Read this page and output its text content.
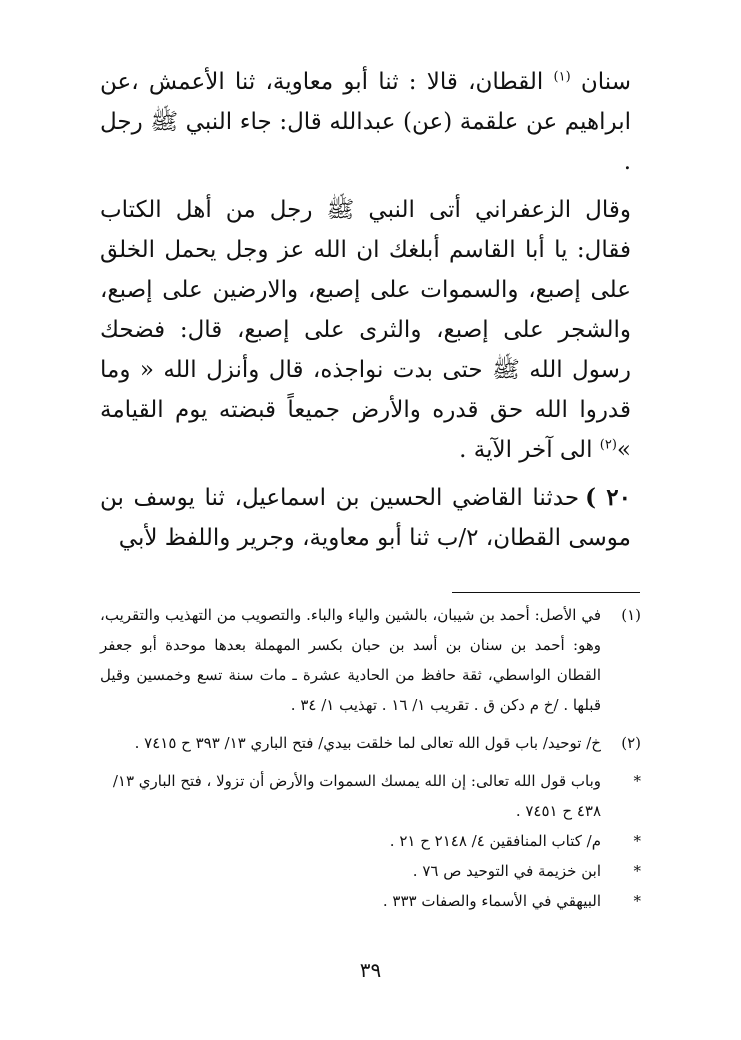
سنان $^{(١)}$ القطان، قالا : ثنا أبو معاوية، ثنا الأعمش ،عن ابراهيم عن علقمة (عن) عبدالله قال: جاء النبي ﷺ رجل .

وقال الزعفراني أتى النبي ﷺ رجل من أهل الكتاب فقال: يا أبا القاسم أبلغك ان الله عز وجل يحمل الخلق على إصبع، والسموات على إصبع، والارضين على إصبع، والشجر على إصبع، والثرى على إصبع، قال: فضحك رسول الله ﷺ حتى بدت نواجذه، قال وأنزل الله « وما قدروا الله حق قدره والأرض جميعاً قبضته يوم القيامة »$^{(٢)}$ الى آخر الآية .

٢٠ )حدثنا القاضي الحسين بن اسماعيل، ثنا يوسف بن موسى القطان، ٢/ب ثنا أبو معاوية، وجرير واللفظ لأبي

(١)
في الأصل: أحمد بن شيبان، بالشين والياء والباء. والتصويب من التهذيب والتقريب، وهو: أحمد بن سنان بن أسد بن حبان بكسر المهملة بعدها موحدة أبو جعفر القطان الواسطي، ثقة حافظ من الحادية عشرة ـ مات سنة تسع وخمسين وقيل قبلها . /خ م دكن ق . تقريب ١/ ١٦ . تهذيب ١/ ٣٤ .
(٢)
خ/ توحيد/ باب قول الله تعالى لما خلقت بيدي/ فتح الباري ١٣/ ٣٩٣ ح ٧٤١٥ .
*
وباب قول الله تعالى: إن الله يمسك السموات والأرض أن تزولا ، فتح الباري ١٣/ ٤٣٨ ح ٧٤٥١ .
*
م/ كتاب المنافقين ٤/ ٢١٤٨ ح ٢١ .
*
ابن خزيمة في التوحيد ص ٧٦ .
*
البيهقي في الأسماء والصفات ٣٣٣ .
٣٩
